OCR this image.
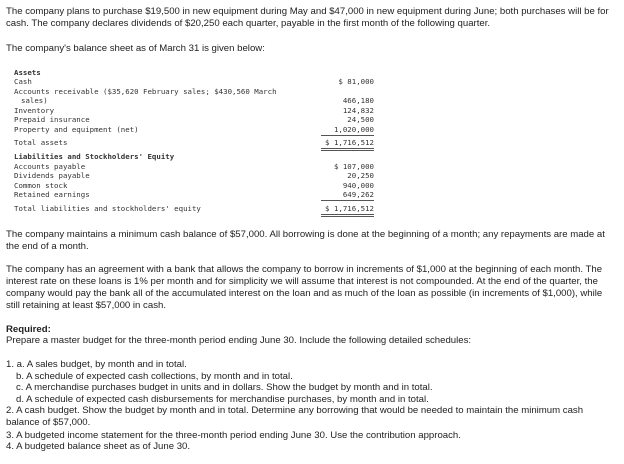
The company plans to purchase $19,500 in new equipment during May and $47,000 in new equipment during June; both purchases will be for cash. The company declares dividends of $20,250 each quarter, payable in the first month of the following quarter.

The company's balance sheet as of March 31 is given below:

Assets
Cash	$ 81,000
Accounts receivable ($35,620 February sales; $430,560 March
sales)	466,180
Inventory	124,832
Prepaid insurance	24,500
Property and equipment (net)	1,020,000
Total assets	$ 1,716,512
Liabilities and Stockholders' Equity
Accounts payable	$ 107,000
Dividends payable	20,250
Common stock	940,000
Retained earnings	649,262
Total liabilities and stockholders' equity	$ 1,716,512

The company maintains a minimum cash balance of $57,000. All borrowing is done at the beginning of a month; any repayments are made at the end of a month.

The company has an agreement with a bank that allows the company to borrow in increments of $1,000 at the beginning of each month. The interest rate on these loans is 1% per month and for simplicity we will assume that interest is not compounded. At the end of the quarter, the company would pay the bank all of the accumulated interest on the loan and as much of the loan as possible (in increments of $1,000), while still retaining at least $57,000 in cash.

Required:

Prepare a master budget for the three-month period ending June 30. Include the following detailed schedules:

1. a. A sales budget, by month and in total.
b. A schedule of expected cash collections, by month and in total.
c. A merchandise purchases budget in units and in dollars. Show the budget by month and in total.
d. A schedule of expected cash disbursements for merchandise purchases, by month and in total.
2. A cash budget. Show the budget by month and in total. Determine any borrowing that would be needed to maintain the minimum cash balance of $57,000.
3. A budgeted income statement for the three-month period ending June 30. Use the contribution approach.
4. A budgeted balance sheet as of June 30.
